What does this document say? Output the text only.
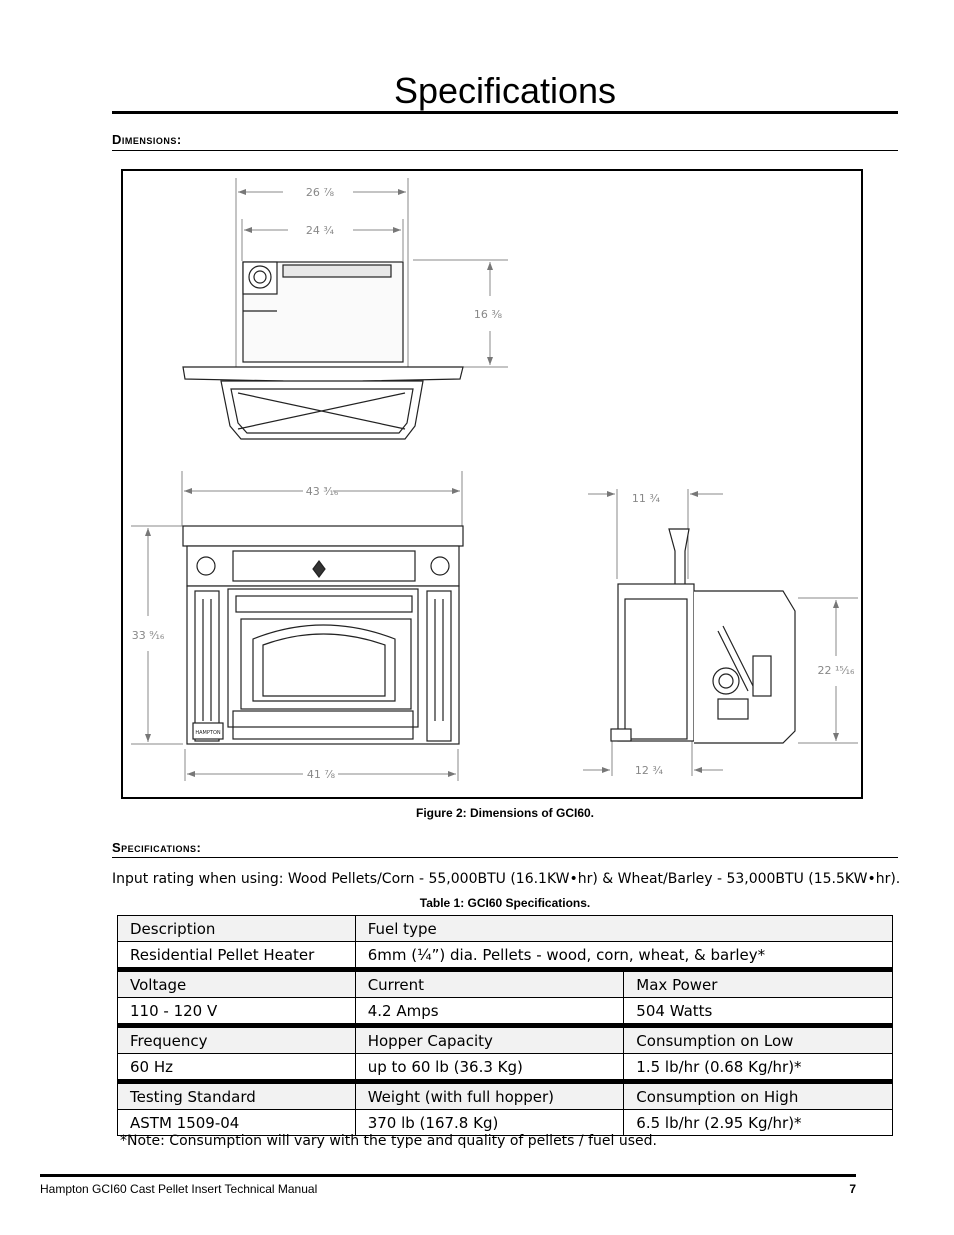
Specifications
Dimensions:
26 ⅞
24 ¾
16 ⅜
43 ³⁄₁₆
33 ⁹⁄₁₆
41 ⅞
11 ¾
22 ¹⁵⁄₁₆
12 ¾
HAMPTON
Figure 2: Dimensions of GCI60.
Specifications:
Input rating when using: Wood Pellets/Corn - 55,000BTU (16.1KW•hr) & Wheat/Barley - 53,000BTU (15.5KW•hr).
Table 1: GCI60 Specifications.
Description	Fuel type	
Residential Pellet Heater	6mm (¼”) dia. Pellets - wood, corn, wheat, & barley*	
Voltage	Current	Max Power
110 - 120 V	4.2 Amps	504 Watts
Frequency	Hopper Capacity	Consumption on Low
60 Hz	up to 60 lb (36.3 Kg)	1.5 lb/hr (0.68 Kg/hr)*
Testing Standard	Weight (with full hopper)	Consumption on High
ASTM 1509-04	370 lb (167.8 Kg)	6.5 lb/hr (2.95 Kg/hr)*
*Note: Consumption will vary with the type and quality of pellets / fuel used.
Hampton GCI60 Cast Pellet Insert Technical Manual	7
